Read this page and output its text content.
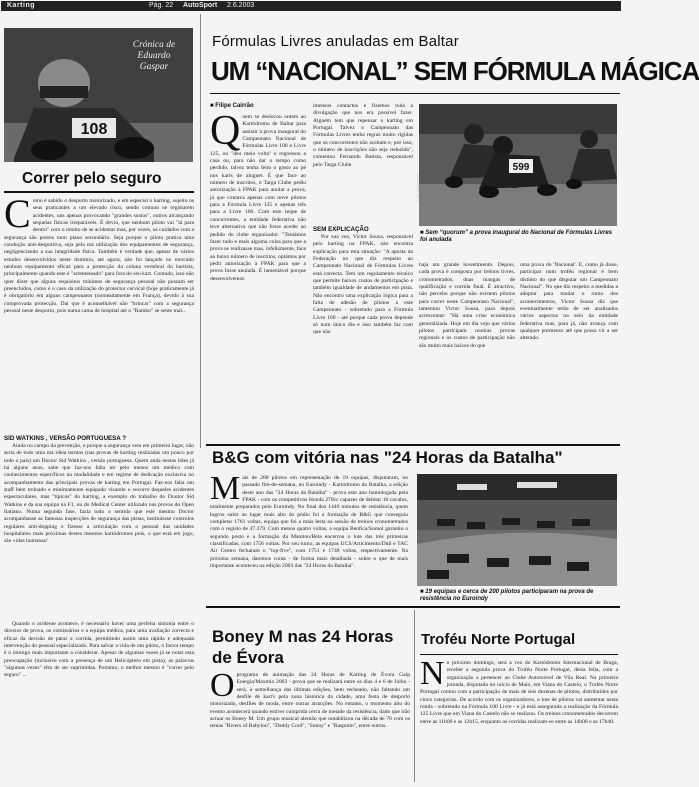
Karting	Pág. 22 AutoSport 2.6.2003
108
Crónica de
Eduardo
Gaspar
Correr pelo seguro
Como é sabido o desporto motorizado, e em especial o karting, sujeito os seus praticantes a um elevado risco, sendo comum se registarem acidentes, uns apenas provocando "grandes sustos", outros alcançando sequelas físicas irreparáveis. É óbvio, que nenhum piloto vai "lá para dentro" com o intuito de se acidentar mas, por vezes, os cuidados com a segurança são postos num plano secundário. Seja porque o piloto pratica uma condução anti-desportiva, seja pela má utilização dos equipamentos de segurança, negligenciando a sua integridade física. Também é verdade que, apesar de vários estudos desenvolvidos neste domínio, até agora, não foi lançado no mercado nenhum equipamento eficaz para a protecção da coluna vertebral do kartista, principalmente quando este é "arremessado" para fora do seu kart. Contudo, isso não quer dizer que alguns requisitos mínimos de segurança pessoal não possam ser preenchidos, como é o caso da utilização do protector cervical (hoje praticamente já é obrigatório em alguns campeonatos (nomeadamente em França), devido à sua comprovada protecção. Daí que é aconselhável não "brincar" com a segurança pessoal neste desporto, pois numa cama de hospital até o "Rambo" se sente mal...
SID WATKINS , VERSÃO PORTUGUESA ?
Ainda no campo da prevenção, e porque a segurança vem em primeiro lugar, não seria de todo uma má ideia termos (nas provas de karting realizadas um pouco por todo o país) um Doctor Sid Watkins , versão portuguesa. Quem anda nestas lides já há alguns anos, sabe que faz-nos falta ter pelo menos um médico com conhecimentos específicos na modalidade e em regime de dedicação exclusiva no acompanhamento das principais provas de karting em Portugal. Faz-nos falta um staff bem treinado e minimamente equipado visando o socorro daqueles acidentes espectaculares, mas "típicos" do karting, a exemplo do trabalho do Doutor Sid Watkins e da sua equipa na F1, ou do Medical Center utilizado nas provas do Open Italiano. Numa segunda fase, fazia todo o sentido que este mesmo Doctor acompanhasse as famosas inspecções de segurança das pistas, instituíssse controlos regulares anti-dopping e fizesse a articulação com o pessoal das unidades hospitalares mais próximas destes mesmos kartódromos pois, o que está em jogo, são vidas humanas!
Quando o acidente acontece, é necessário haver uma perfeita sintonia entre o director de prova, os comissários e a equipa médica, para uma avaliação correcta e eficaz da decisão de parar a corrida, permitindo assim uma rápida e adequada intervenção do pessoal especializado. Para salvar a vida de um piloto, o factor tempo é o inimigo mais importante a considerar. Apesar de algumas vezes já se notar esta preocupação (inclusive com a presença de um Helicóptero em pista), as palavras "algumas vezes" têm de ser suprimidas. Portanto, o melhor mesmo é "correr pelo seguro" ...
Fórmulas Livres anuladas em Baltar
UM “NACIONAL” SEM FÓRMULA MÁGICA
■ Filipe Cairrão
Quem se deslocou ontem ao Kartódromo de Baltar para assistir à prova inaugural do Campeonato Nacional de Fórmulas Livre 100 e Livre 125, ou "deu meia volta" e regressou a casa ou, para não dar o tempo como perdido, talvez tenha feito o gosto ao pé nos karts de aluguer. É que face ao número de inscritos, o Targa Clube pediu autorização à FPAK para anular a prova, já que contava apenas com nove pilotos para a Fórmula Livre 125 e apenas três para a Livre 100. Com este leque de concorrentes, a entidade federativa não teve alternativa que não fosse aceder ao pedido do clube organizador. "Tentámos fazer tudo e mais alguma coisa para que a prova se realizasse mas, infelizmente, face ao baixo número de inscritos, optámos por pedir autorização à FPAK para que a prova fosse anulada. É lamentável porque desenvolvemos
imensos contactos e fizemos toda a divulgação que nos era possível fazer. Alguém tem que repensar o karting em Portugal. Talvez o Campeonato das Fórmulas Livres tenha regras muito rígidas que os concorrentes não aceitam e, por isso, o número de inscrições não seja reduzido", comentou Fernando Batista, responsável pelo Targa Clube.
SEM EXPLICAÇÃO
Por sua vez, Victor Sousa, responsável pelo karting na FPAK, não encontra explicação para esta situação: "A aposta da Federação no que diz respeito ao Campeonato Nacional de Fórmulas Livres está correcta. Tem um regulamento técnico que permite baixos custos de participação e também igualdade de andamentos em pista. Não encontro uma explicação lógica para a falta de adesão de pilotos a este Campeonato - sobretudo para a Fórmula Livre 100 - até porque cada prova depende só num único dia e isso também faz com que não
599
Foto: Autosport
■ Sem “quorum” a prova inaugural do Nacional de Fórmulas Livres foi anulada
haja um grande investimento. Depois, cada prova é composta por treinos livres, cronometrados, duas mangas de qualificação e corrida final. É atractivo, não percebo porque não existem pilotos para correr neste Campeonato Nacional", lamentou Victor Sousa, para depois acrescentar: "Há uma crise económica generalizada. Hoje em dia vejo que vários pilotos participam noutras provas regionais e os custos de participação não são muito mais baixos do que
uma prova do 'Nacional'. E, como já disse, participar num troféu regional é bem distinto do que disputar um Campeonato Nacional". No que diz respeito a medidas a adoptar para mudar o rumo dos acontecimentos, Victor Sousa diz que eventualmente terão de ser analisados vários aspectos no seio da entidade federativa mas, para já, não avança com qualquer pormenor até que possa vir a ser alterado.
B&G com vitória nas "24 Horas da Batalha"
Mais de 200 pilotos em representação de 19 equipas, disputaram, no passado fim-de-semana, no Euroindy - Kartódromo da Batalha, a edição deste ano das "24 Horas da Batalha" - prova este ano homologada pela FPAK - com os competitivos Honda 270cc capazes de debitar 16 cavalos, totalmente preparados pelo Euroindy. No final dos 1440 minutos de resistência, quem logrou subir ao lugar mais alto do pódio foi a formação de B&G que conseguiu completar 1761 voltas, equipa que foi a mais lesta na sessão de treinos cronometrados com o registo de 47.379. Com menos quatro voltas, a equipa Benfica/Sumol garantiu o segundo posto e a formação da Manitou/Beta encerrou o lote das três primeiras classificadas, com 1756 voltas. Por seu turno, as equipas UCS/Articimento/Duli e TAC Air Centro fecharam o "top-five", com 1751 e 1748 voltas, respectivamente. Na próxima semana, daremos conta - de forma mais detalhada - sobre o que de mais importante aconteceu na edição 2003 das "24 Horas da Batalha".
■ 19 equipas e cerca de 200 pilotos participaram na prova de resistência no Euroindy
Boney M nas 24 Horas de Évora
Oprograma de animação das 24 Horas de Karting de Évora Galp Energia/Maxmix 2003 - prova que se realizará entre os dias 4 e 6 de Julho - será, à semelhança das últimas edições, bem recheado, não faltando um desfile de kart's pela zona histórica da cidade, uma festa de desporto motorizado, desfiles de moda, entre outras atracções. No entanto, o momento alto do evento acontecerá quando estiver cumprida cerca de metade da resistência, dado que irão actuar os Boney M. Um grupo musical alemão que notabilizou na década de 70 com os temas "Rivers of Babylon", "Daddy Cool", "Sunny" e "Rasputin", entre outros.
Troféu Norte Portugal
No próximo domingo, será a vez do Kartódromo Internacional de Braga, receber a segunda prova do Troféu Norte Portugal, desta feita, com a organização a pertencer ao Clube Automóvel de Vila Real. Na primeira jornada, disputada no início de Maio, em Viana do Castelo, o Troféu Norte Portugal contou com a participação de mais de seis dezenas de pilotos, distribuídos por cinco categorias. De acordo com os organizadores, o lote de pilotos vai aumentar nesta ronda - sobretudo na Fórmula 100 Livre - e já está assegurada a realização da Fórmula 125 Livre que em Viana do Castelo não se realizou. Os treinos cronometrados decorrem entre as 11h00 e as 12h15, enquanto as corridas realizam-se entre as 14h00 e as 17h40.
